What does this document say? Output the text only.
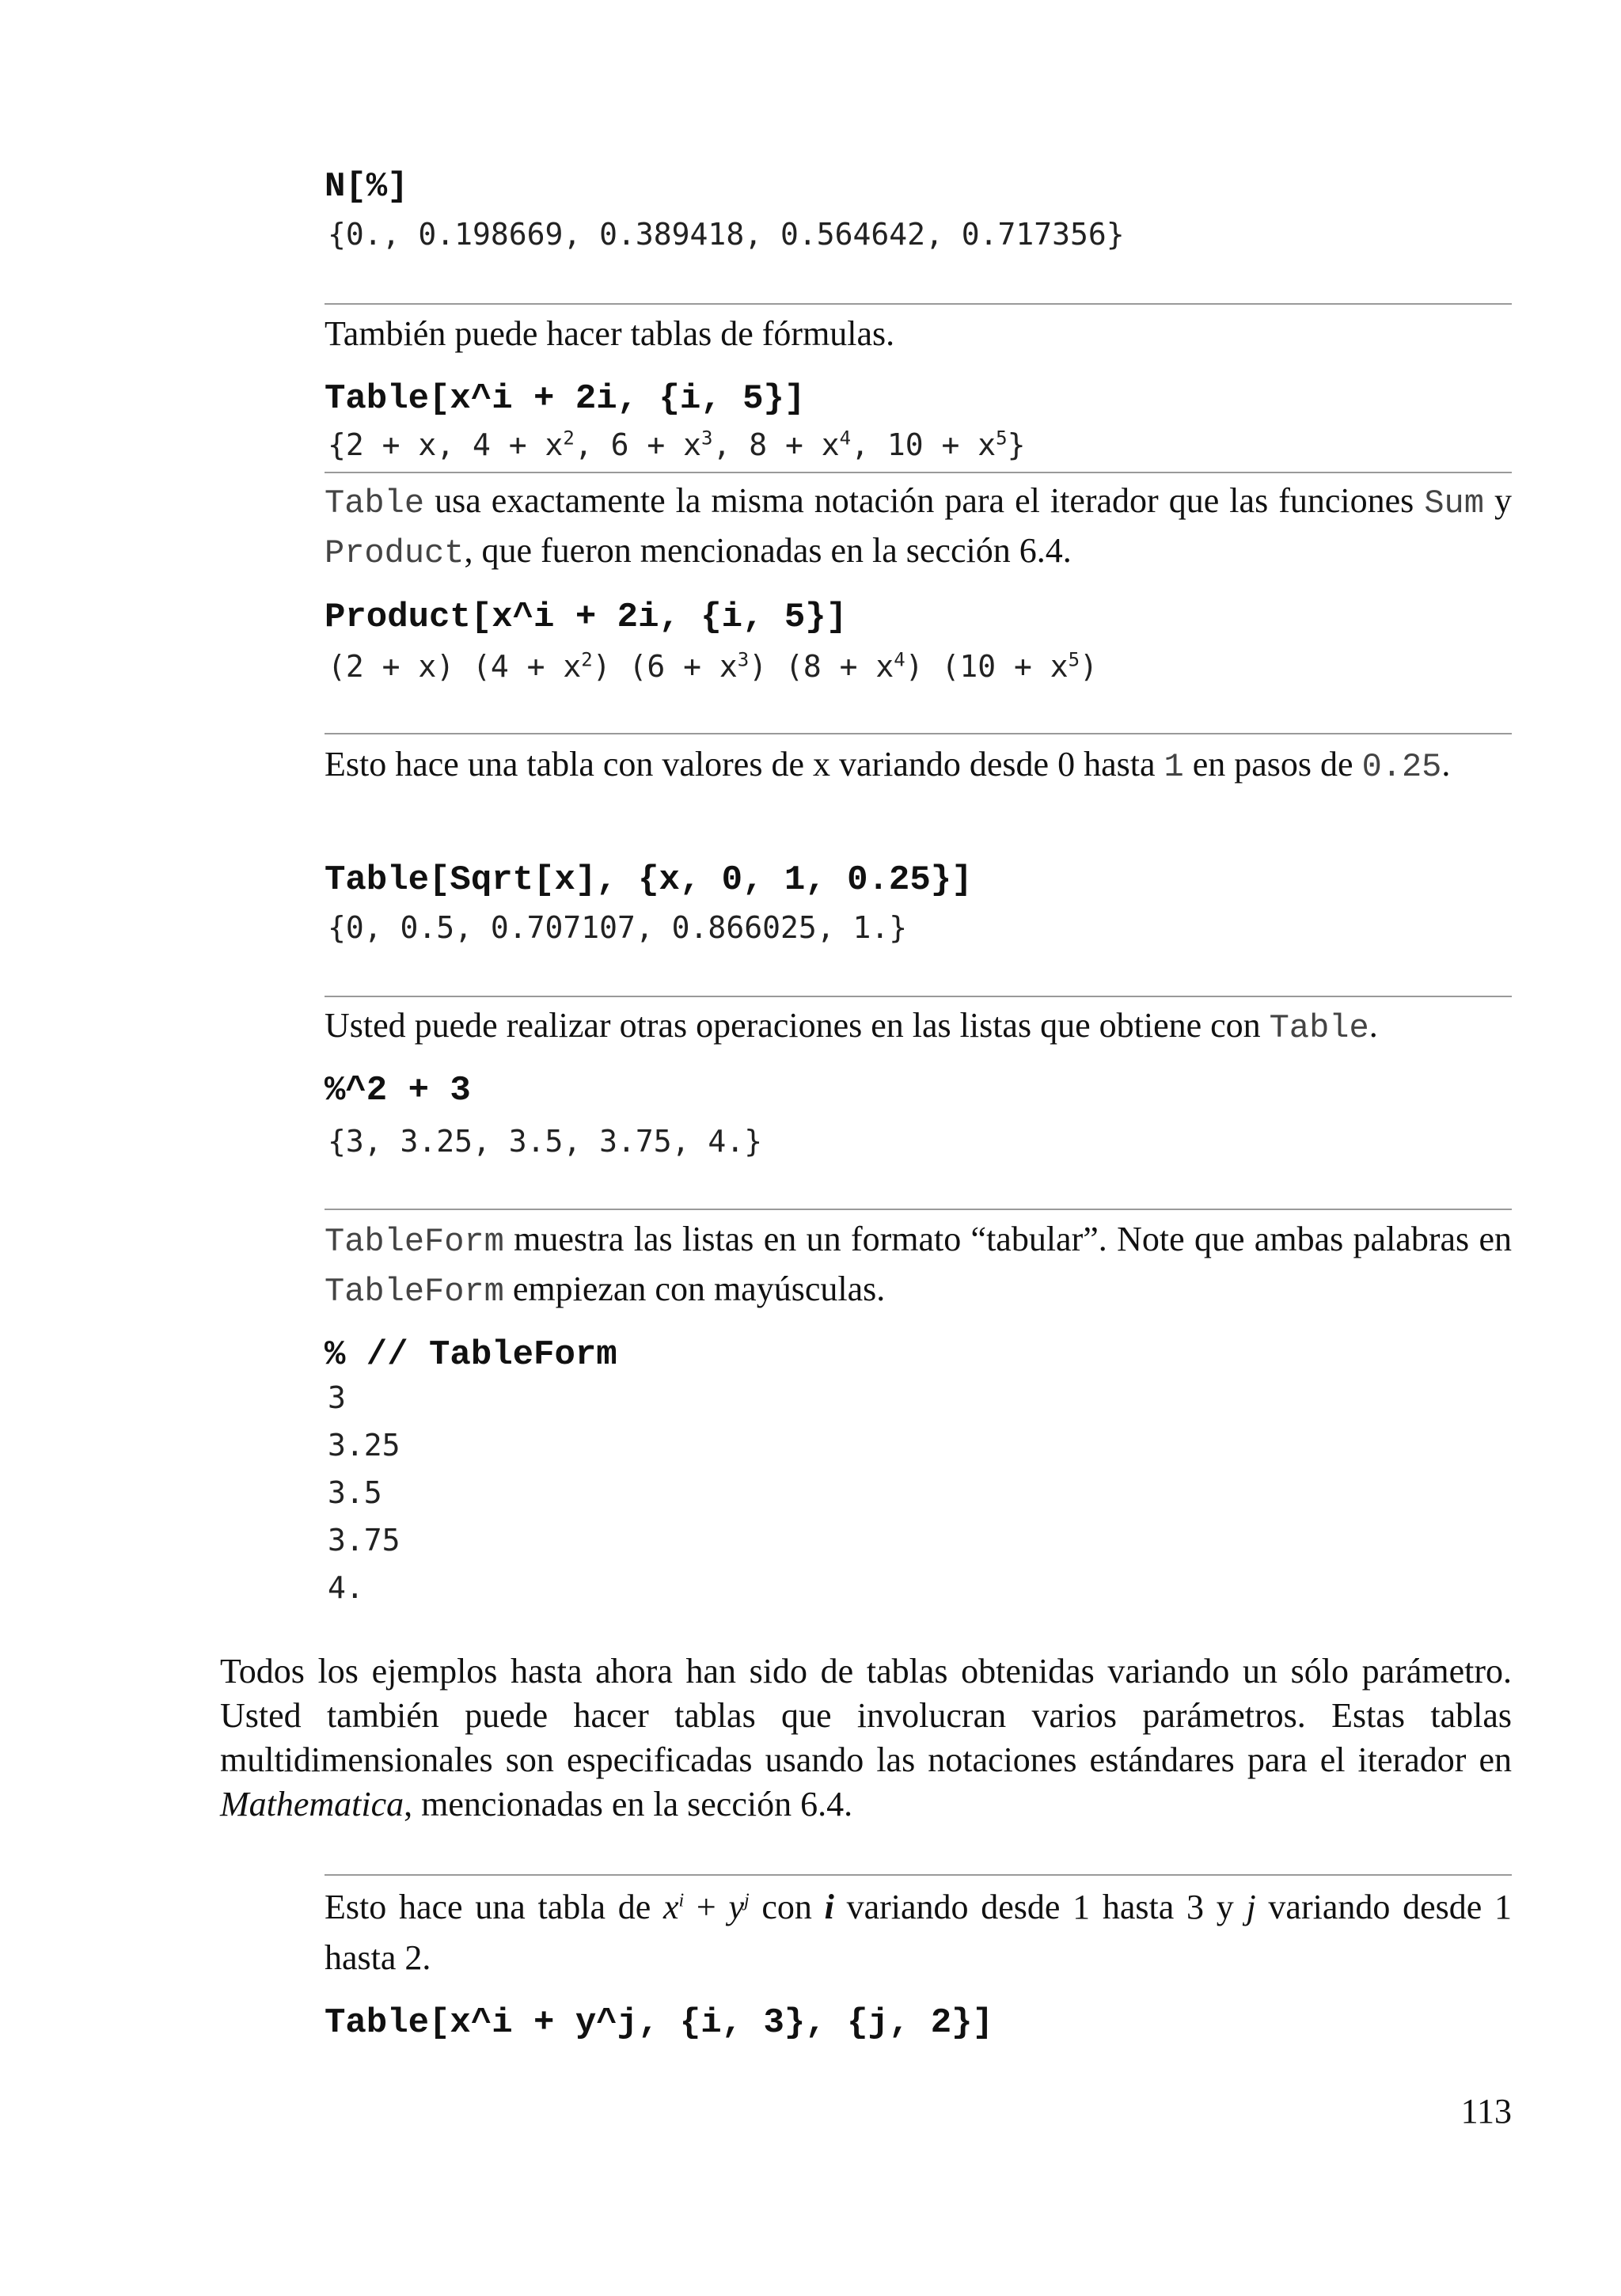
N[%]
{0., 0.198669, 0.389418, 0.564642, 0.717356}
También puede hacer tablas de fórmulas.
Table[x^i + 2i, {i, 5}]
{2 + x, $4 + x^2$, $6 + x^3$, $8 + x^4$, $10 + x^5$}
Table usa exactamente la misma notación para el iterador que las funciones Sum y Product, que fueron mencionadas en la sección 6.4.
Product[x^i + 2i, {i, 5}]
(2 + x) $(4 + x^2)$ $(6 + x^3)$ $(8 + x^4)$ $(10 + x^5)$
Esto hace una tabla con valores de x variando desde 0 hasta 1 en pasos de 0.25.
Table[Sqrt[x], {x, 0, 1, 0.25}]
{0, 0.5, 0.707107, 0.866025, 1.}
Usted puede realizar otras operaciones en las listas que obtiene con Table.
%^2 + 3
{3, 3.25, 3.5, 3.75, 4.}
TableForm muestra las listas en un formato “tabular”. Note que ambas palabras en TableForm empiezan con mayúsculas.
% // TableForm
3
3.25
3.5
3.75
4.
Todos los ejemplos hasta ahora han sido de tablas obtenidas variando un sólo parámetro. Usted también puede hacer tablas que involucran varios parámetros. Estas tablas multidimensionales son especificadas usando las notaciones estándares para el iterador en Mathematica, mencionadas en la sección 6.4.
Esto hace una tabla de $x^i + y^j$ con i variando desde 1 hasta 3 y j variando desde 1 hasta 2.
Table[x^i + y^j, {i, 3}, {j, 2}]
113
